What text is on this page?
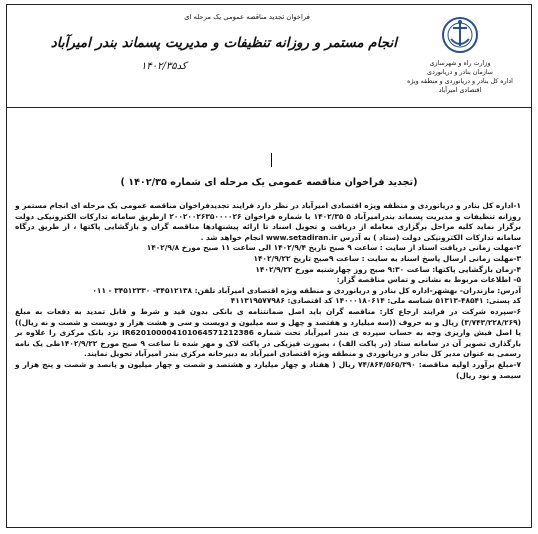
فراخوان تجدید مناقصه عمومی یک مرحله ای
انجام مستمر و روزانه تنظیفات و مدیریت پسماند بندر امیرآباد
کد۱۴۰۲/۳۵	وزارت راه و شهرسازی
سازمان بنادر و دریانوردی
اداره کل بنادر و دریانوردی و منطقه ویژه اقتصادی امیرآباد
(تجدید فراخوان مناقصه عمومی یک مرحله ای شماره ۱۴۰۲/۳۵ )

۱-اداره کل بنادر و دریانوردی و منطقه ویژه اقتصادی امیرآباد در نظر دارد فرایند تجدیدفراخوان مناقصه عمومی یک مرحله ای انجام مستمر و روزانه تنظیفات و مدیریت پسماند بندرامیرآباد ۵ ۱۴۰۲/۳۵ با شماره فراخوان ۲۰۰۲۰۰۲۶۳۵۰۰۰۰۲۶ ازطریق سامانه تدارکات الکترونیکی دولت برگزار نماید کلیه مراحل برگزاری معامله از دریافت و تحویل اسناد تا ارائه پیشنهادها مناقصه گران و بازگشایی پاکتها ، از طریق درگاه سامانه تدارکات الکترونیکی دولت (ستاد ) به آدرس www.setadiran.ir انجام خواهد شد .

۲-مهلت زمانی دریافت اسناد از سایت : ساعت ۹ صبح تاریخ ۱۴۰۲/۹/۴ الی ساعت ۱۱ صبح مورخ ۱۴۰۲/۹/۸

۳-مهلت زمانی ارسال پاسخ اسناد به سایت : ساعت ۹صبح تاریخ ۱۴۰۲/۹/۲۲

۴-زمان بازگشایی پاکتها: ساعت ۹:۳۰ صبح روز چهارشنبه مورخ ۱۴۰۲/۹/۲۲

۵- اطلاعات مربوط به نشانی و تماس مناقصه گزار:

آدرس: مازندران- بهشهر-اداره کل بنادر و دریانوردی و منطقه ویژه اقتصادی امیرآباد تلفن: ۳۴۵۱۲۱۳۸- ۳۴۵۱۲۳۳۰ - ۰۱۱

کد پستی: ۴۸۵۴۱-۵۱۳۱۳ شناسه ملی: ۱۴۰۰۰۱۸۰۶۱۴ کد اقتصادی: ۴۱۱۳۱۹۵۷۷۹۸۶

۶-سپرده شرکت در فرایند ارجاع کار: مناقصه گران باید اصل ضمانتنامه ی بانکی بدون قید و شرط و قابل تمدید به دفعات به مبلغ (۳/۷۴۳/۲۲۸/۲۶۹) ریال و به حروف ((سه میلیارد و هفتصد و چهل و سه میلیون و دویست و سی و هشت هزار و دویست و شصت و نه ریال)) یا اصل فیش واریزی وجه به حساب سپرده ی بندر امیرآباد تحت شماره IR620100004101064571212386 نزد بانک مرکزی را علاوه بر بارگذاری تصویر آن در سامانه ستاد (در پاکت الف) ، بصورت فیزیکی در پاکت لاک و مهر شده تا ساعت ۹ صبح مورخ ۱۴۰۲/۹/۲۲طی یک نامه رسمی به عنوان مدیر کل بنادر و دریانوردی و منطقه ویژه اقتصادی امیرآباد به دبیرخانه مرکزی بندر امیرآباد تحویل نمایند.

۷-مبلغ برآورد اولیه مناقصه: ۷۴/۸۶۴/۵۶۵/۳۹۰ ریال ( هفتاد و چهار میلیارد و هشتصد و شصت و چهار میلیون و پانصد و شصت و پنج هزار و سیصد و نود ریال)
